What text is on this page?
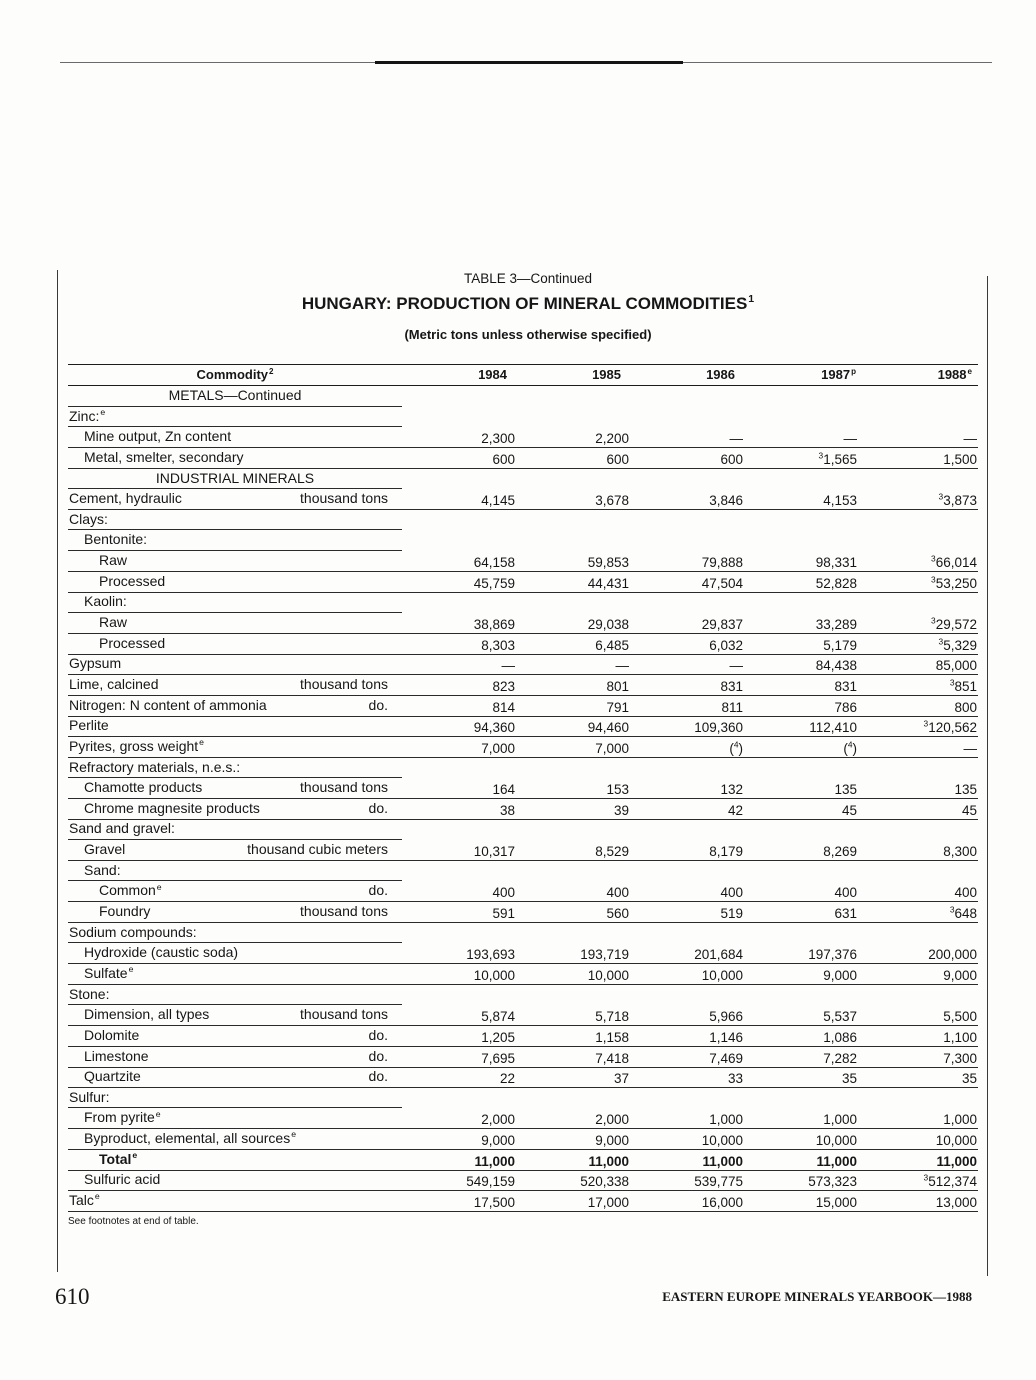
TABLE 3—Continued
HUNGARY: PRODUCTION OF MINERAL COMMODITIES$^1$
(Metric tons unless otherwise specified)
Commodity$^2$	1984	1985	1986	1987$^p$	1988e
METALS—Continued
Zinc:$^e$
Mine output, Zn content	2,300	2,200	—	—	—
Metal, smelter, secondary	600	600	600	$^3$1,565	1,500
INDUSTRIAL MINERALS
Cement, hydraulic	thousand tons	4,145	3,678	3,846	4,153	$^3$3,873
Clays:
Bentonite:
Raw	64,158	59,853	79,888	98,331	$^3$66,014
Processed	45,759	44,431	47,504	52,828	$^3$53,250
Kaolin:
Raw	38,869	29,038	29,837	33,289	$^3$29,572
Processed	8,303	6,485	6,032	5,179	$^3$5,329
Gypsum	—	—	—	84,438	85,000
Lime, calcined	thousand tons	823	801	831	831	$^3$851
Nitrogen: N content of ammonia	do.	814	791	811	786	800
Perlite	94,360	94,460	109,360	112,410	$^3$120,562
Pyrites, gross weight$^e$	7,000	7,000	($^4$)	($^4$)	—
Refractory materials, n.e.s.:
Chamotte products	thousand tons	164	153	132	135	135
Chrome magnesite products	do.	38	39	42	45	45
Sand and gravel:
Gravel	thousand cubic meters	10,317	8,529	8,179	8,269	8,300
Sand:
Common$^e$	do.	400	400	400	400	400
Foundry	thousand tons	591	560	519	631	$^3$648
Sodium compounds:
Hydroxide (caustic soda)	193,693	193,719	201,684	197,376	200,000
Sulfate$^e$	10,000	10,000	10,000	9,000	9,000
Stone:
Dimension, all types	thousand tons	5,874	5,718	5,966	5,537	5,500
Dolomite	do.	1,205	1,158	1,146	1,086	1,100
Limestone	do.	7,695	7,418	7,469	7,282	7,300
Quartzite	do.	22	37	33	35	35
Sulfur:
From pyrite$^e$	2,000	2,000	1,000	1,000	1,000
Byproduct, elemental, all sources$^e$	9,000	9,000	10,000	10,000	10,000
Total$^e$	11,000	11,000	11,000	11,000	11,000
Sulfuric acid	549,159	520,338	539,775	573,323	$^3$512,374
Talc$^e$	17,500	17,000	16,000	15,000	13,000
See footnotes at end of table.
610	EASTERN EUROPE MINERALS YEARBOOK—1988
